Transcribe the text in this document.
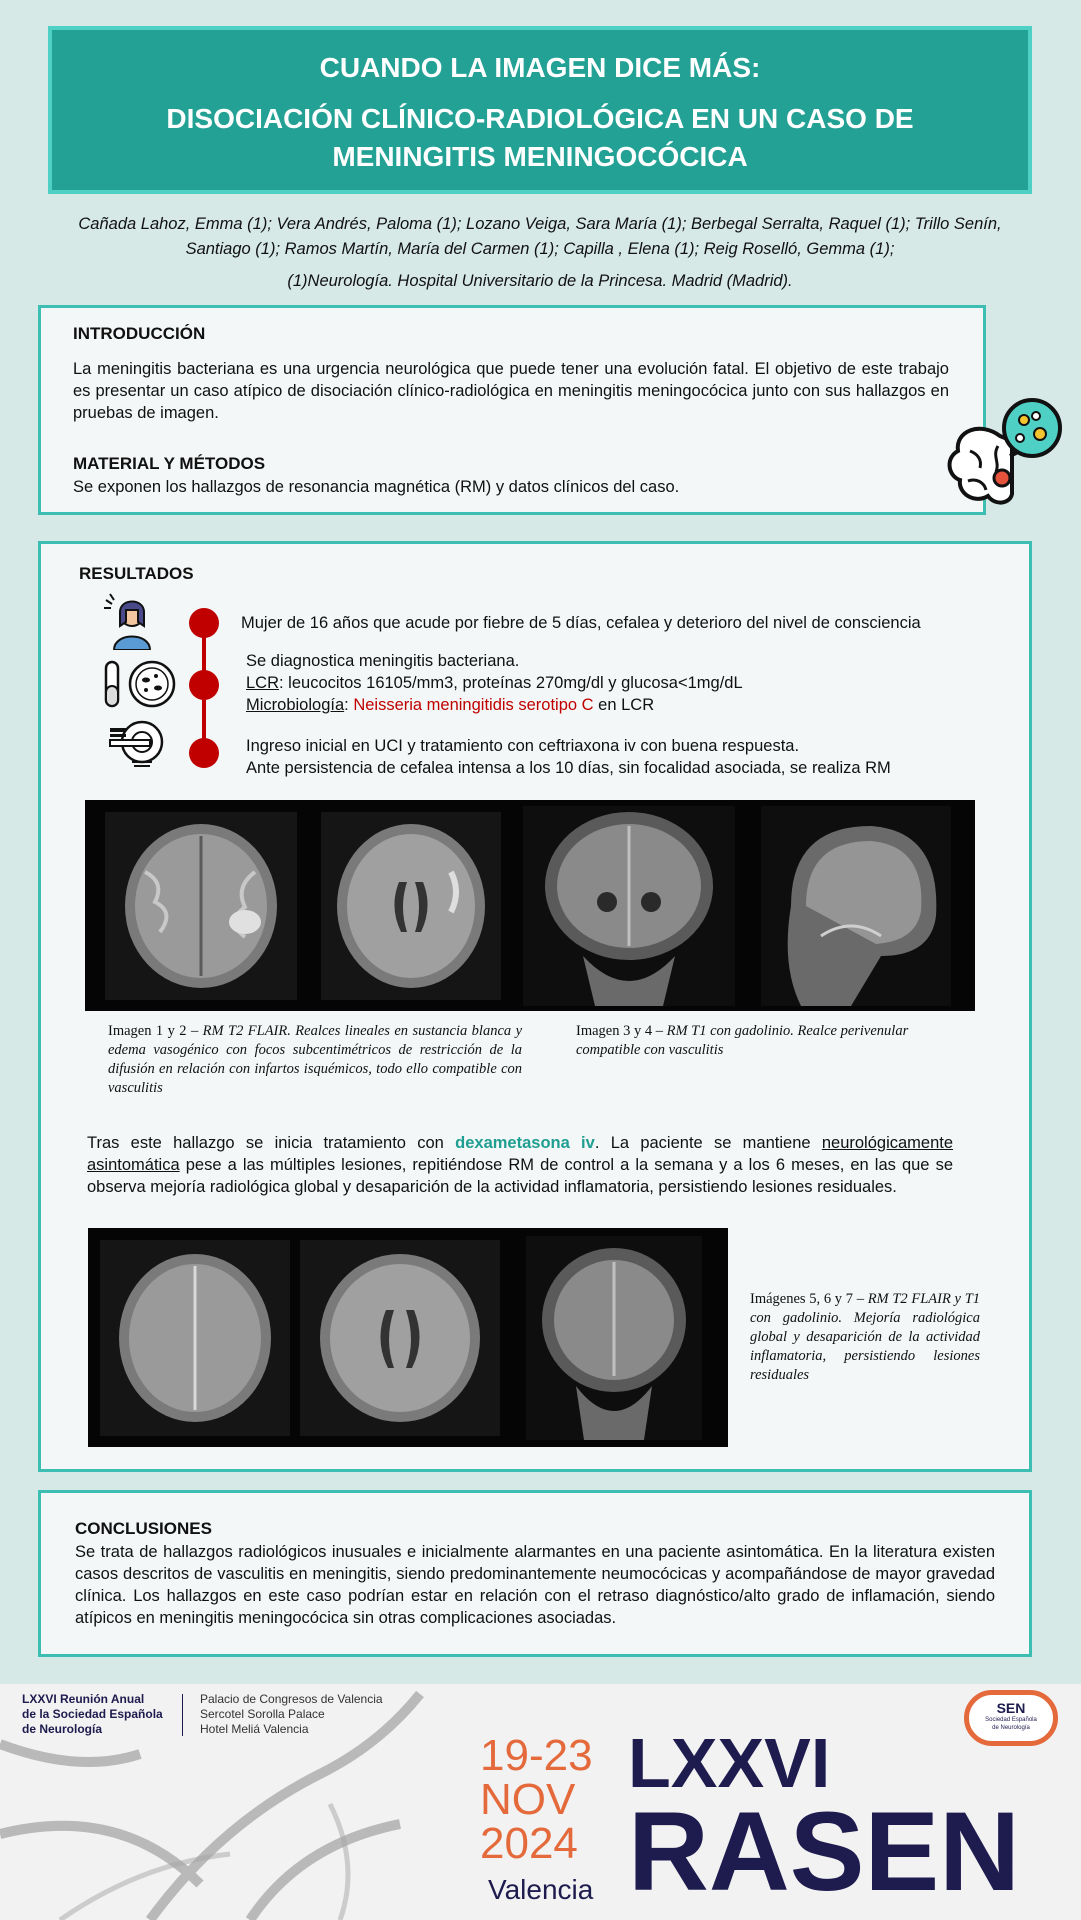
CUANDO LA IMAGEN DICE MÁS:
DISOCIACIÓN CLÍNICO-RADIOLÓGICA EN UN CASO DE MENINGITIS MENINGOCÓCICA
Cañada Lahoz, Emma (1); Vera Andrés, Paloma (1); Lozano Veiga, Sara María (1); Berbegal Serralta, Raquel (1); Trillo Senín, Santiago (1); Ramos Martín, María del Carmen (1); Capilla , Elena (1); Reig Roselló, Gemma (1);
(1)Neurología. Hospital Universitario de la Princesa. Madrid (Madrid).
INTRODUCCIÓN
La meningitis bacteriana es una urgencia neurológica que puede tener una evolución fatal. El objetivo de este trabajo es presentar un caso atípico de disociación clínico-radiológica en meningitis meningocócica junto con sus hallazgos en pruebas de imagen.
MATERIAL Y MÉTODOS
Se exponen los hallazgos de resonancia magnética (RM) y datos clínicos del caso.
RESULTADOS
Mujer de 16 años que acude por fiebre de 5 días, cefalea y deterioro del nivel de consciencia
Se diagnostica meningitis bacteriana.
LCR: leucocitos 16105/mm3, proteínas 270mg/dl y glucosa<1mg/dL
Microbiología: Neisseria meningitidis serotipo C en LCR
Ingreso inicial en UCI y tratamiento con ceftriaxona iv con buena respuesta.
Ante persistencia de cefalea intensa a los 10 días, sin focalidad asociada, se realiza RM
Imagen 1 y 2 – RM T2 FLAIR. Realces lineales en sustancia blanca y edema vasogénico con focos subcentimétricos de restricción de la difusión en relación con infartos isquémicos, todo ello compatible con vasculitis
Imagen 3 y 4 – RM T1 con gadolinio. Realce perivenular compatible con vasculitis
Tras este hallazgo se inicia tratamiento con dexametasona iv. La paciente se mantiene neurológicamente asintomática pese a las múltiples lesiones, repitiéndose RM de control a la semana y a los 6 meses, en las que se observa mejoría radiológica global y desaparición de la actividad inflamatoria, persistiendo lesiones residuales.
Imágenes 5, 6 y 7 – RM T2 FLAIR y T1 con gadolinio. Mejoría radiológica global y desaparición de la actividad inflamatoria, persistiendo lesiones residuales
CONCLUSIONES
Se trata de hallazgos radiológicos inusuales e inicialmente alarmantes en una paciente asintomática. En la literatura existen casos descritos de vasculitis en meningitis, siendo predominantemente neumocócicas y acompañándose de mayor gravedad clínica. Los hallazgos en este caso podrían estar en relación con el retraso diagnóstico/alto grado de inflamación, siendo atípicos en meningitis meningocócica sin otras complicaciones asociadas.
LXXVI Reunión Anual
de la Sociedad Española
de Neurología
Palacio de Congresos de Valencia
Sercotel Sorolla Palace
Hotel Meliá Valencia
19-23
NOV
2024
Valencia
LXXVI
RASEN
SEN
Sociedad Española
de Neurología
